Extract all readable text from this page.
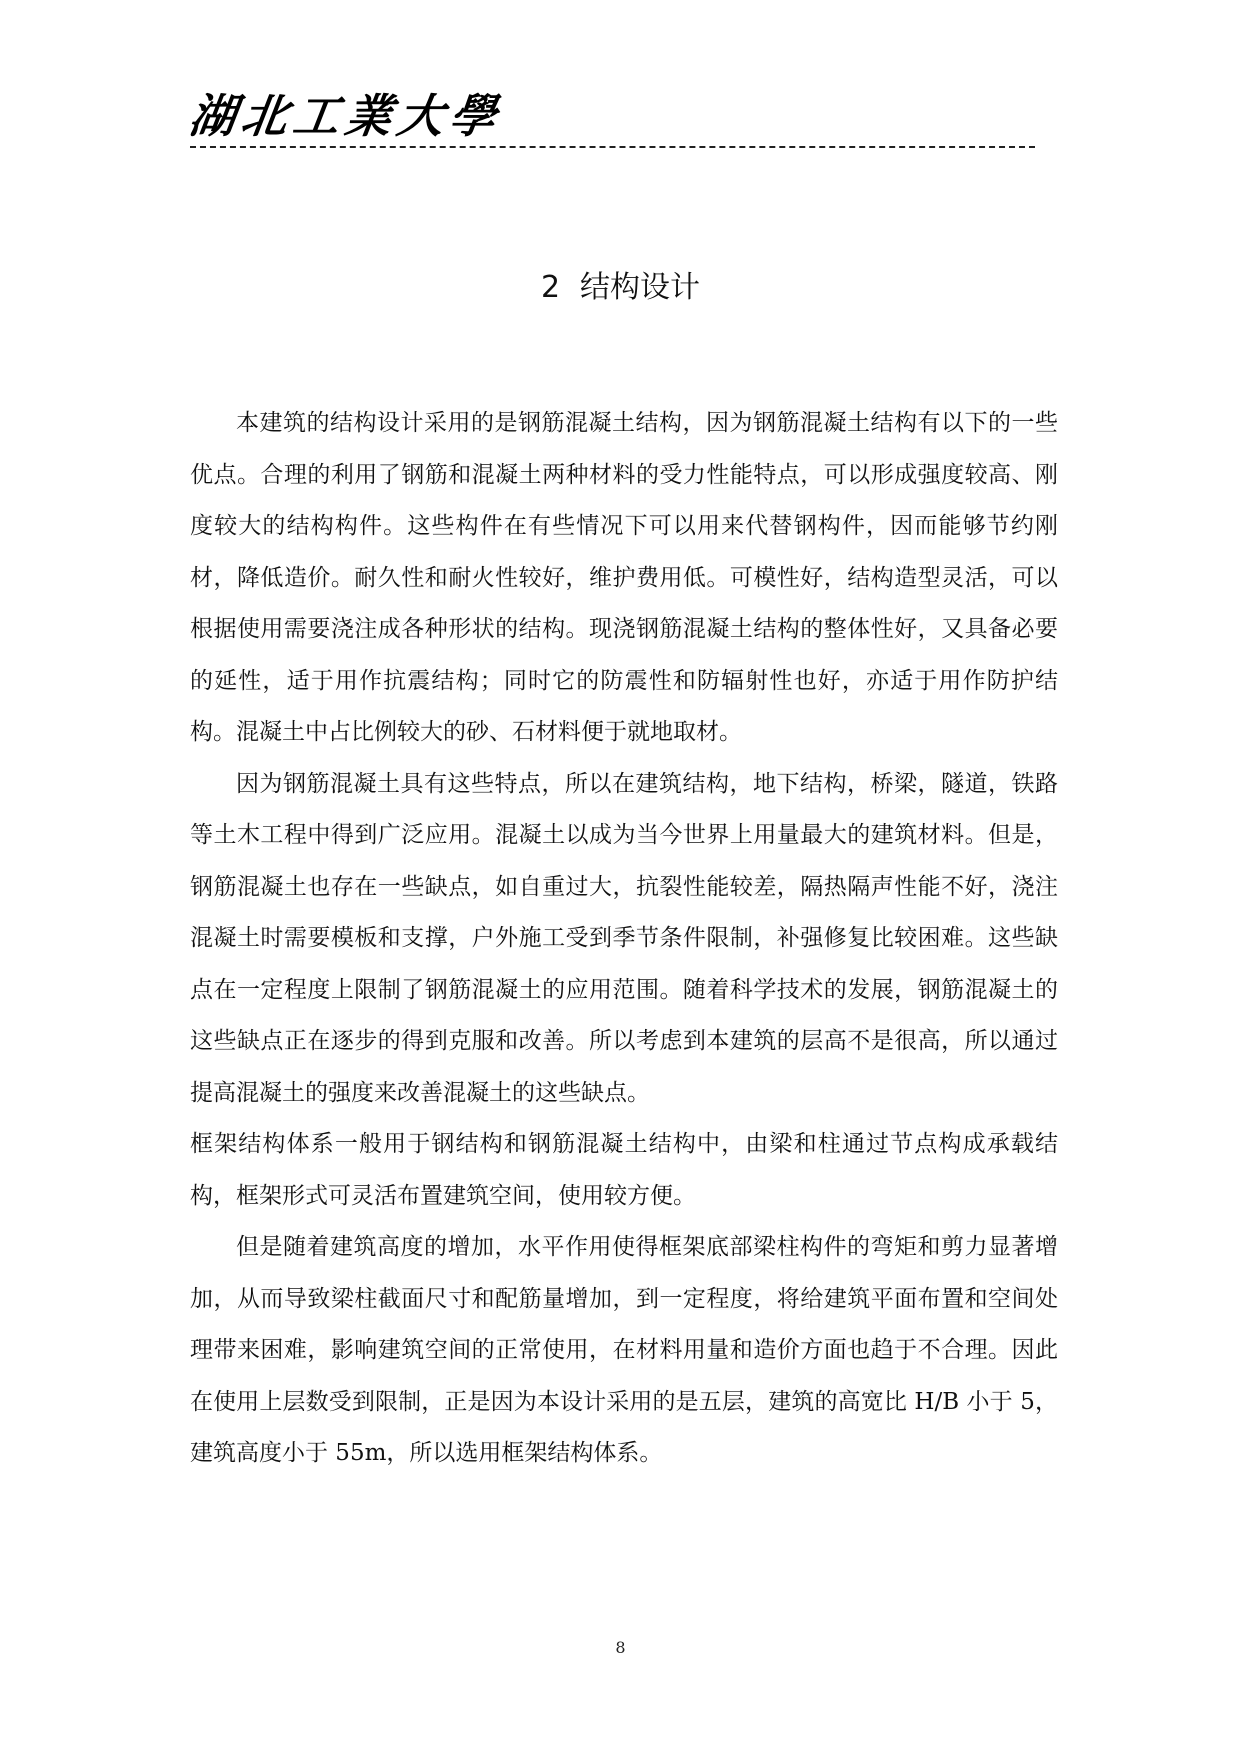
湖北工業大學
2 结构设计

本建筑的结构设计采用的是钢筋混凝土结构，因为钢筋混凝土结构有以下的一些优点。合理的利用了钢筋和混凝土两种材料的受力性能特点，可以形成强度较高、刚度较大的结构构件。这些构件在有些情况下可以用来代替钢构件，因而能够节约刚材，降低造价。耐久性和耐火性较好，维护费用低。可模性好，结构造型灵活，可以根据使用需要浇注成各种形状的结构。现浇钢筋混凝土结构的整体性好，又具备必要的延性，适于用作抗震结构；同时它的防震性和防辐射性也好，亦适于用作防护结构。混凝土中占比例较大的砂、石材料便于就地取材。

因为钢筋混凝土具有这些特点，所以在建筑结构，地下结构，桥梁，隧道，铁路等土木工程中得到广泛应用。混凝土以成为当今世界上用量最大的建筑材料。但是，钢筋混凝土也存在一些缺点，如自重过大，抗裂性能较差，隔热隔声性能不好，浇注混凝土时需要模板和支撑，户外施工受到季节条件限制，补强修复比较困难。这些缺点在一定程度上限制了钢筋混凝土的应用范围。随着科学技术的发展，钢筋混凝土的这些缺点正在逐步的得到克服和改善。所以考虑到本建筑的层高不是很高，所以通过提高混凝土的强度来改善混凝土的这些缺点。

框架结构体系一般用于钢结构和钢筋混凝土结构中，由梁和柱通过节点构成承载结构，框架形式可灵活布置建筑空间，使用较方便。

但是随着建筑高度的增加，水平作用使得框架底部梁柱构件的弯矩和剪力显著增加，从而导致梁柱截面尺寸和配筋量增加，到一定程度，将给建筑平面布置和空间处理带来困难，影响建筑空间的正常使用，在材料用量和造价方面也趋于不合理。因此在使用上层数受到限制，正是因为本设计采用的是五层，建筑的高宽比 H/B 小于 5，建筑高度小于 55m，所以选用框架结构体系。

8
